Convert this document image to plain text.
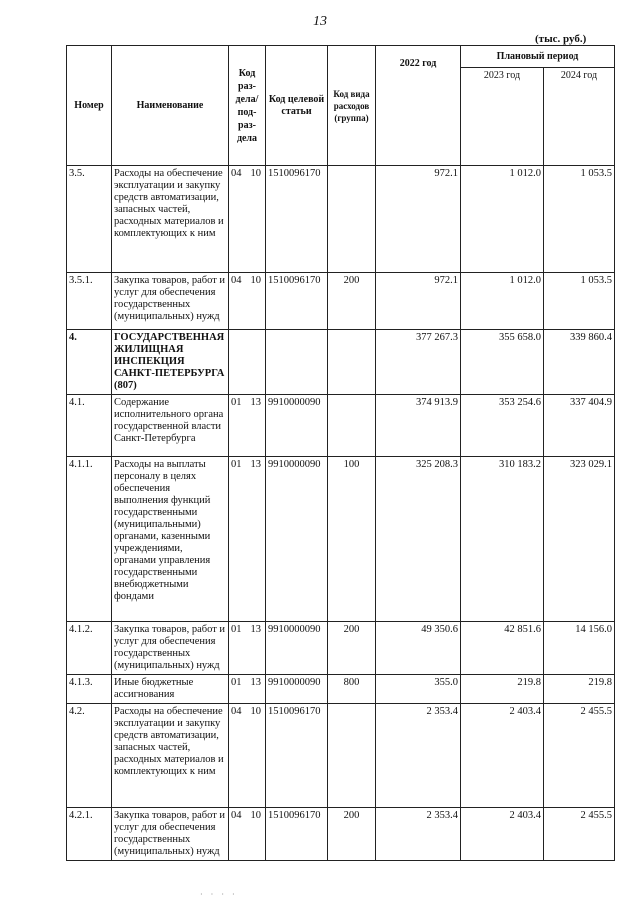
13
(тыс. руб.)
Номер	Наименование	Код раз- дела/ под- раз- дела	Код целевой статьи	Код вида расходов (группа)	2022 год	Плановый период	
						2023 год	2024 год
3.5.	Расходы на обеспечение эксплуатации и закупку средств автоматизации, запасных частей, расходных материалов и комплектующих к ним	04 10	1510096170		972.1	1 012.0	1 053.5
3.5.1.	Закупка товаров, работ и услуг для обеспечения государственных (муниципальных) нужд	04 10	1510096170	200	972.1	1 012.0	1 053.5
4.	ГОСУДАРСТВЕННАЯ ЖИЛИЩНАЯ ИНСПЕКЦИЯ САНКТ-ПЕТЕРБУРГА (807)				377 267.3	355 658.0	339 860.4
4.1.	Содержание исполнительного органа государственной власти Санкт-Петербурга	01 13	9910000090		374 913.9	353 254.6	337 404.9
4.1.1.	Расходы на выплаты персоналу в целях обеспечения выполнения функций государственными (муниципальными) органами, казенными учреждениями, органами управления государственными внебюджетными фондами	01 13	9910000090	100	325 208.3	310 183.2	323 029.1
4.1.2.	Закупка товаров, работ и услуг для обеспечения государственных (муниципальных) нужд	01 13	9910000090	200	49 350.6	42 851.6	14 156.0
4.1.3.	Иные бюджетные ассигнования	01 13	9910000090	800	355.0	219.8	219.8
4.2.	Расходы на обеспечение эксплуатации и закупку средств автоматизации, запасных частей, расходных материалов и комплектующих к ним	04 10	1510096170		2 353.4	2 403.4	2 455.5
4.2.1.	Закупка товаров, работ и услуг для обеспечения государственных (муниципальных) нужд	04 10	1510096170	200	2 353.4	2 403.4	2 455.5
· · · ·
